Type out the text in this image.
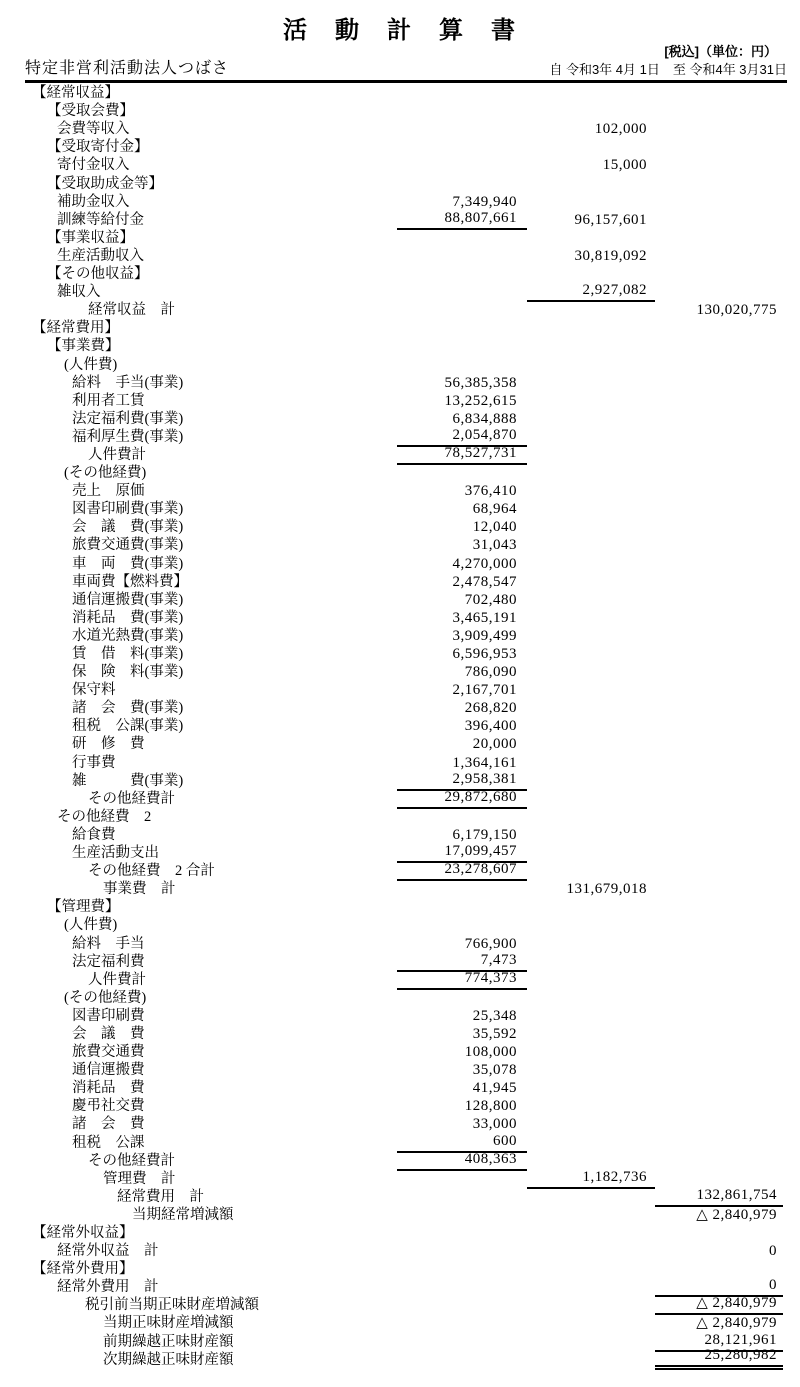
活　動　計　算　書
[税込]（単位：円）
特定非営利活動法人つばさ	自 令和3年 4月 1日　至 令和4年 3月31日
【経常収益】
【受取会費】
会費等収入	102,000
【受取寄付金】
寄付金収入	15,000
【受取助成金等】
補助金収入	7,349,940
訓練等給付金	88,807,661	96,157,601
【事業収益】
生産活動収入	30,819,092
【その他収益】
雑収入	2,927,082
経常収益　計	130,020,775
【経常費用】
【事業費】
(人件費)
給料　手当(事業)	56,385,358
利用者工賃	13,252,615
法定福利費(事業)	6,834,888
福利厚生費(事業)	2,054,870
人件費計	78,527,731
(その他経費)
売上　原価	376,410
図書印刷費(事業)	68,964
会　議　費(事業)	12,040
旅費交通費(事業)	31,043
車　両　費(事業)	4,270,000
車両費【燃料費】	2,478,547
通信運搬費(事業)	702,480
消耗品　費(事業)	3,465,191
水道光熱費(事業)	3,909,499
賃　借　料(事業)	6,596,953
保　険　料(事業)	786,090
保守料	2,167,701
諸　会　費(事業)	268,820
租税　公課(事業)	396,400
研　修　費	20,000
行事費	1,364,161
雑　　　費(事業)	2,958,381
その他経費計	29,872,680
その他経費　2
給食費	6,179,150
生産活動支出	17,099,457
その他経費　2 合計	23,278,607
事業費　計	131,679,018
【管理費】
(人件費)
給料　手当	766,900
法定福利費	7,473
人件費計	774,373
(その他経費)
図書印刷費	25,348
会　議　費	35,592
旅費交通費	108,000
通信運搬費	35,078
消耗品　費	41,945
慶弔社交費	128,800
諸　会　費	33,000
租税　公課	600
その他経費計	408,363
管理費　計	1,182,736
経常費用　計	132,861,754
当期経常増減額	△ 2,840,979
【経常外収益】
経常外収益　計	0
【経常外費用】
経常外費用　計	0
税引前当期正味財産増減額	△ 2,840,979
当期正味財産増減額	△ 2,840,979
前期繰越正味財産額	28,121,961
次期繰越正味財産額	25,280,982
